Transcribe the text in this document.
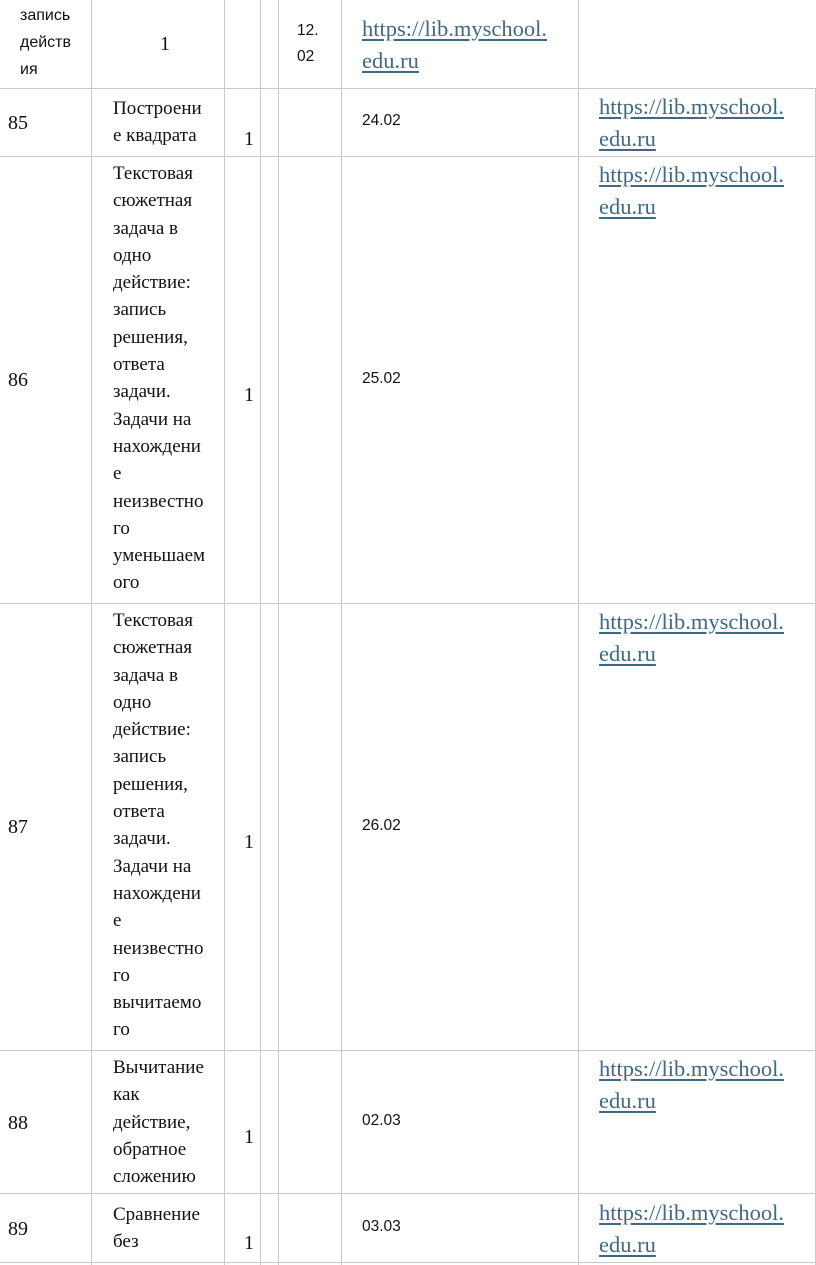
запись
действ
ия
1
12.
02
https://lib.myschool.
edu.ru
85
Построени
е квадрата	1
24.02
https://lib.myschool.
edu.ru
86
Текстовая
сюжетная
задача в
одно
действие:
запись
решения,
ответа
задачи.
Задачи на
нахождени
е
неизвестно
го
уменьшаем
ого
1
25.02
https://lib.myschool.
edu.ru
87
Текстовая
сюжетная
задача в
одно
действие:
запись
решения,
ответа
задачи.
Задачи на
нахождени
е
неизвестно
го
вычитаемо
го
1
26.02
https://lib.myschool.
edu.ru
88
Вычитание
как
действие,
обратное
сложению
1
02.03
https://lib.myschool.
edu.ru
89
Сравнение
без	1
03.03
https://lib.myschool.
edu.ru
